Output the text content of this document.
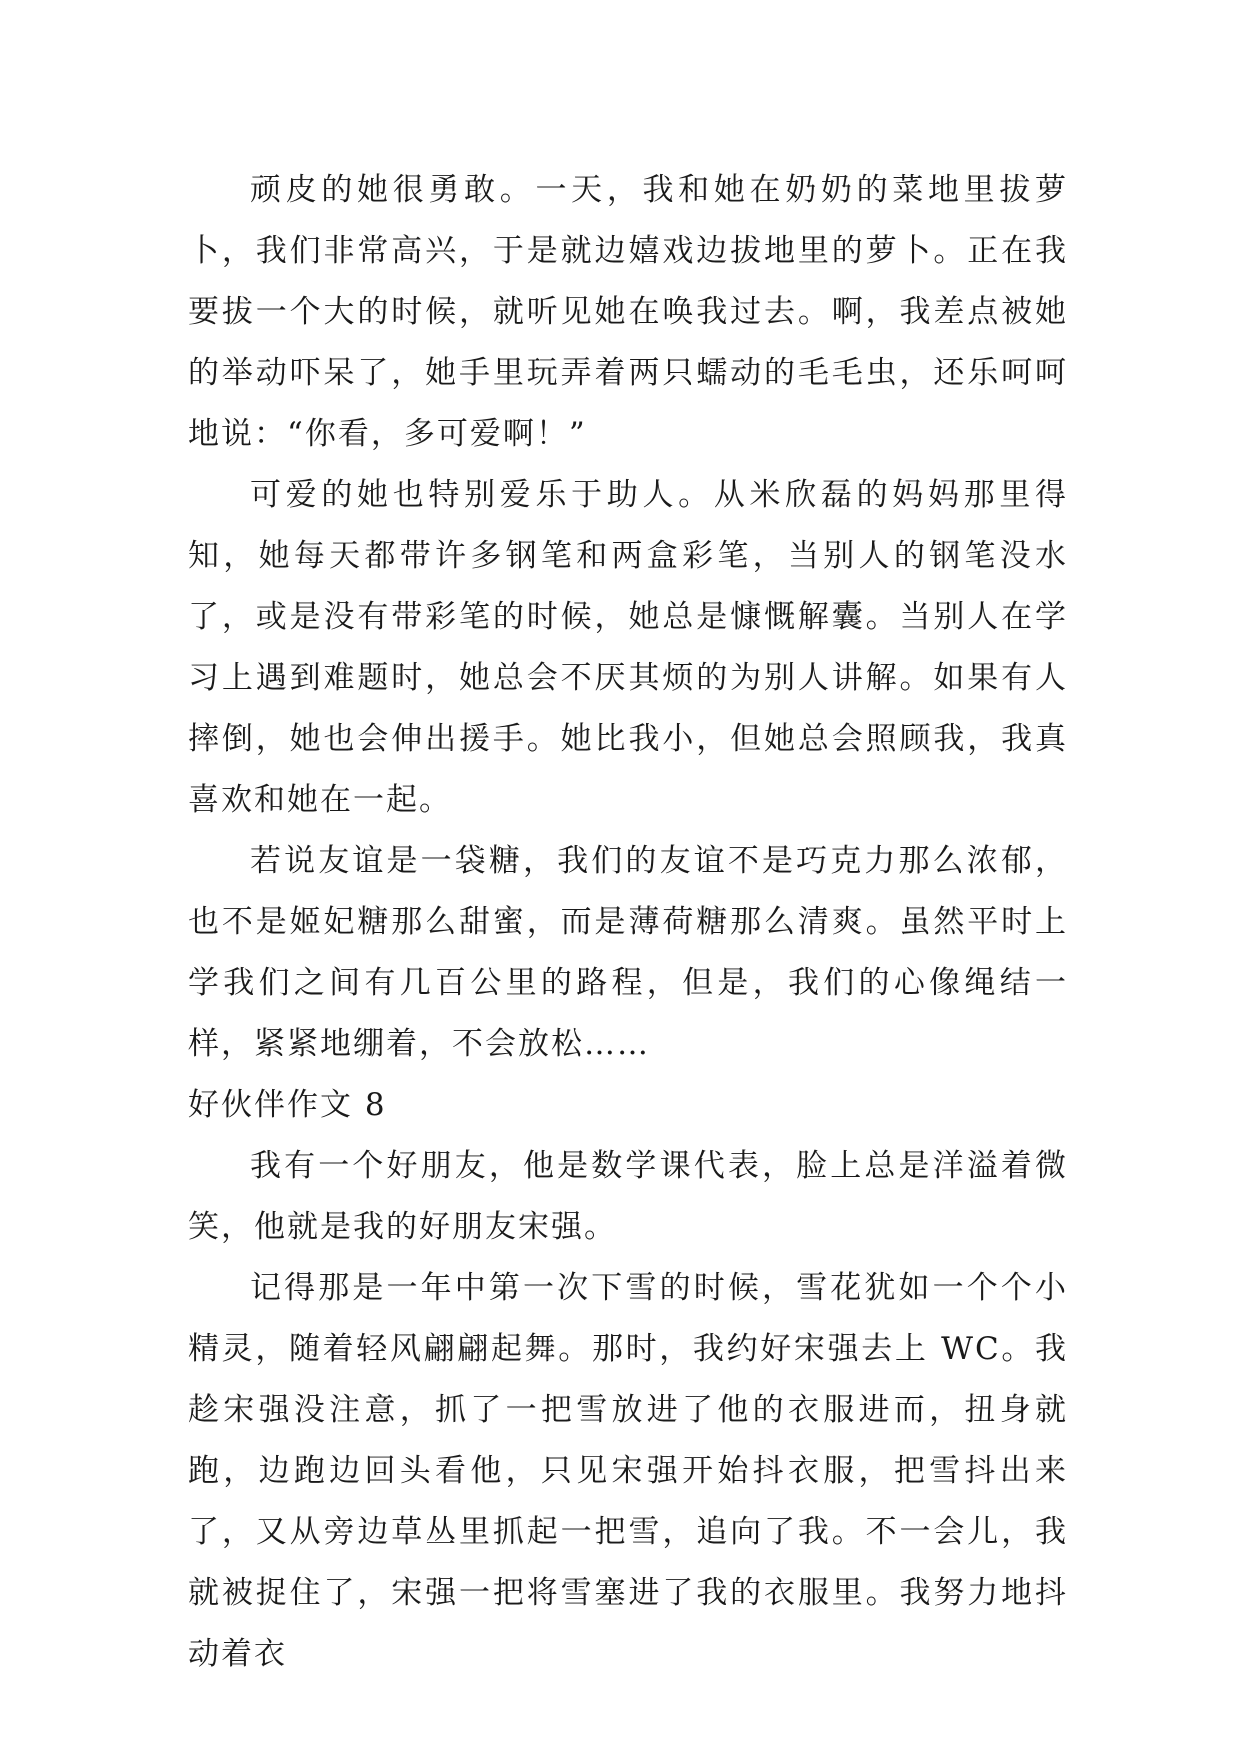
顽皮的她很勇敢。一天，我和她在奶奶的菜地里拔萝卜，我们非常高兴，于是就边嬉戏边拔地里的萝卜。正在我要拔一个大的时候，就听见她在唤我过去。啊，我差点被她的举动吓呆了，她手里玩弄着两只蠕动的毛毛虫，还乐呵呵地说：“你看，多可爱啊！”

可爱的她也特别爱乐于助人。从米欣磊的妈妈那里得知，她每天都带许多钢笔和两盒彩笔，当别人的钢笔没水了，或是没有带彩笔的时候，她总是慷慨解囊。当别人在学习上遇到难题时，她总会不厌其烦的为别人讲解。如果有人摔倒，她也会伸出援手。她比我小，但她总会照顾我，我真喜欢和她在一起。

若说友谊是一袋糖，我们的友谊不是巧克力那么浓郁，也不是姬妃糖那么甜蜜，而是薄荷糖那么清爽。虽然平时上学我们之间有几百公里的路程，但是，我们的心像绳结一样，紧紧地绷着，不会放松……

好伙伴作文 8

我有一个好朋友，他是数学课代表，脸上总是洋溢着微笑，他就是我的好朋友宋强。

记得那是一年中第一次下雪的时候，雪花犹如一个个小精灵，随着轻风翩翩起舞。那时，我约好宋强去上 WC。我趁宋强没注意，抓了一把雪放进了他的衣服进而，扭身就跑，边跑边回头看他，只见宋强开始抖衣服，把雪抖出来了，又从旁边草丛里抓起一把雪，追向了我。不一会儿，我就被捉住了，宋强一把将雪塞进了我的衣服里。我努力地抖动着衣
